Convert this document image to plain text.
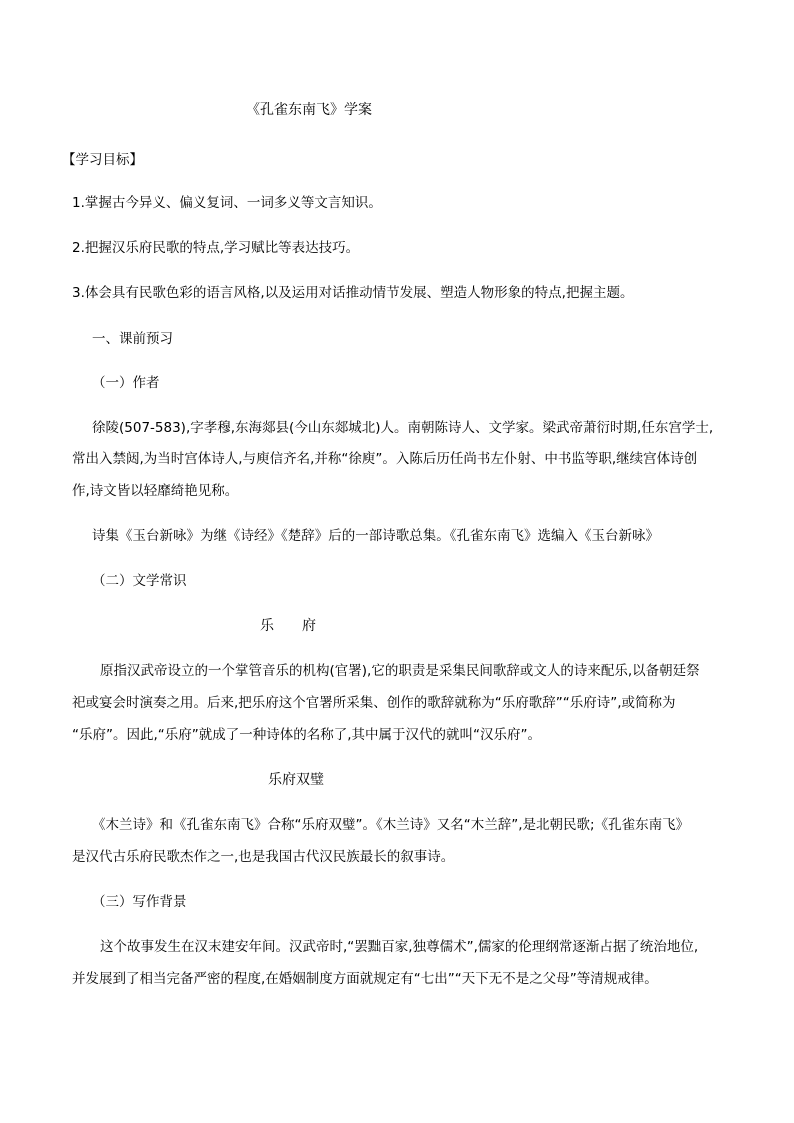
《孔雀东南飞》学案
【学习目标】
1.掌握古今异义、偏义复词、一词多义等文言知识。
2.把握汉乐府民歌的特点,学习赋比等表达技巧。
3.体会具有民歌色彩的语言风格,以及运用对话推动情节发展、塑造人物形象的特点,把握主题。
一、课前预习
（一）作者
徐陵(507-583),字孝穆,东海郯县(今山东郯城北)人。南朝陈诗人、文学家。梁武帝萧衍时期,任东宫学士,
常出入禁闼,为当时宫体诗人,与庾信齐名,并称“徐庾”。入陈后历任尚书左仆射、中书监等职,继续宫体诗创
作,诗文皆以轻靡绮艳见称。
诗集《玉台新咏》为继《诗经》《楚辞》后的一部诗歌总集。《孔雀东南飞》选编入《玉台新咏》
（二）文学常识
乐　　府
原指汉武帝设立的一个掌管音乐的机构(官署),它的职责是采集民间歌辞或文人的诗来配乐,以备朝廷祭
祀或宴会时演奏之用。后来,把乐府这个官署所采集、创作的歌辞就称为“乐府歌辞”“乐府诗”,或简称为
“乐府”。因此,“乐府”就成了一种诗体的名称了,其中属于汉代的就叫“汉乐府”。
乐府双璧
《木兰诗》和《孔雀东南飞》合称“乐府双璧”。《木兰诗》又名“木兰辞”,是北朝民歌;《孔雀东南飞》
是汉代古乐府民歌杰作之一,也是我国古代汉民族最长的叙事诗。
（三）写作背景
这个故事发生在汉末建安年间。汉武帝时,“罢黜百家,独尊儒术”,儒家的伦理纲常逐渐占据了统治地位,
并发展到了相当完备严密的程度,在婚姻制度方面就规定有“七出”“天下无不是之父母”等清规戒律。
